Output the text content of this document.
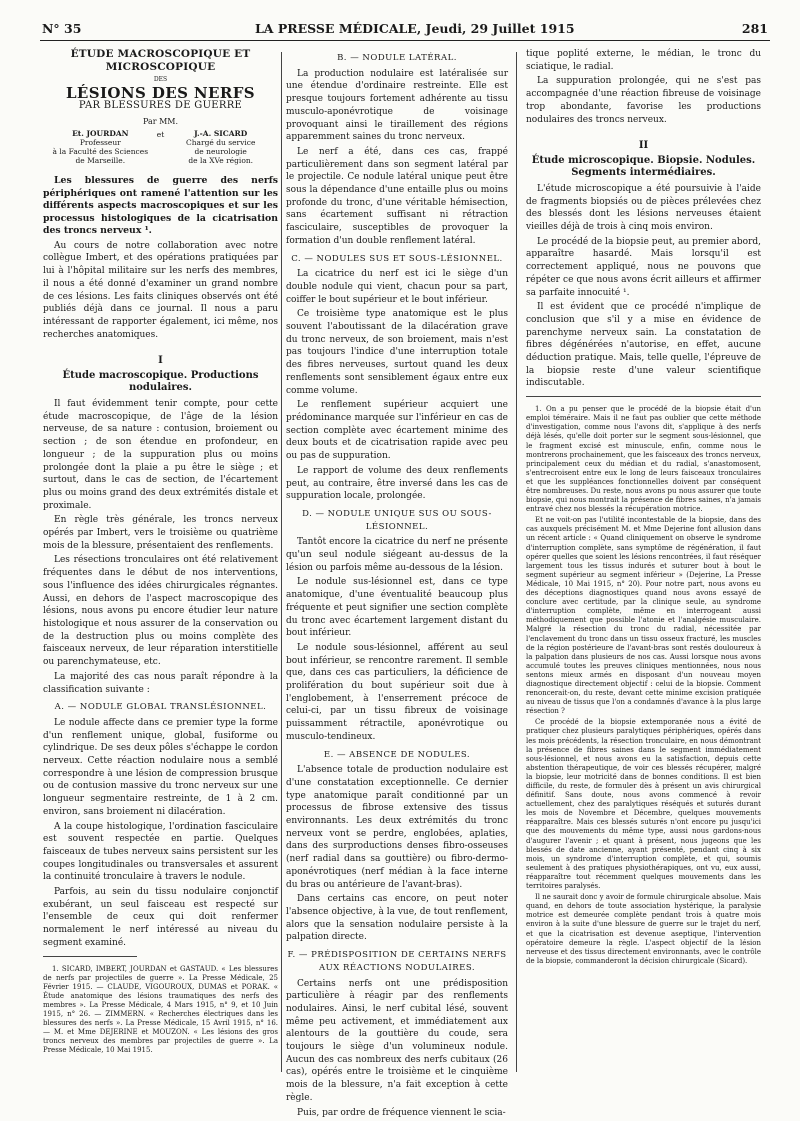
N° 35	LA PRESSE MÉDICALE, Jeudi, 29 Juillet 1915	281
ÉTUDE MACROSCOPIQUE ET MICROSCOPIQUE
DES
LÉSIONS DES NERFS
PAR BLESSURES DE GUERRE
Par MM.
Et. JOURDAN
Professeur
à la Faculté des Sciences
de Marseille.
et	J.-A. SICARD
Chargé du service
de neurologie
de la XVe région.

Les blessures de guerre des nerfs périphériques ont ramené l'attention sur les différents aspects macroscopiques et sur les processus histologiques de la cicatrisation des troncs nerveux ¹.

Au cours de notre collaboration avec notre collègue Imbert, et des opérations pratiquées par lui à l'hôpital militaire sur les nerfs des membres, il nous a été donné d'examiner un grand nombre de ces lésions. Les faits cliniques observés ont été publiés déjà dans ce journal. Il nous a paru intéressant de rapporter également, ici même, nos recherches anatomiques.

I
Étude macroscopique. Productions nodulaires.

Il faut évidemment tenir compte, pour cette étude macroscopique, de l'âge de la lésion nerveuse, de sa nature : contusion, broiement ou section ; de son étendue en profondeur, en longueur ; de la suppuration plus ou moins prolongée dont la plaie a pu être le siège ; et surtout, dans le cas de section, de l'écartement plus ou moins grand des deux extrémités distale et proximale.

En règle très générale, les troncs nerveux opérés par Imbert, vers le troisième ou quatrième mois de la blessure, présentaient des renflements.

Les résections tronculaires ont été relativement fréquentes dans le début de nos interventions, sous l'influence des idées chirurgicales régnantes. Aussi, en dehors de l'aspect macroscopique des lésions, nous avons pu encore étudier leur nature histologique et nous assurer de la conservation ou de la destruction plus ou moins complète des faisceaux nerveux, de leur réparation interstitielle ou parenchymateuse, etc.

La majorité des cas nous paraît répondre à la classification suivante :

A. — NODULE GLOBAL TRANSLÉSIONNEL.

Le nodule affecte dans ce premier type la forme d'un renflement unique, global, fusiforme ou cylindrique. De ses deux pôles s'échappe le cordon nerveux. Cette réaction nodulaire nous a semblé correspondre à une lésion de compression brusque ou de contusion massive du tronc nerveux sur une longueur segmentaire restreinte, de 1 à 2 cm. environ, sans broiement ni dilacération.

A la coupe histologique, l'ordination fasciculaire est souvent respectée en partie. Quelques faisceaux de tubes nerveux sains persistent sur les coupes longitudinales ou transversales et assurent la continuité tronculaire à travers le nodule.

Parfois, au sein du tissu nodulaire conjonctif exubérant, un seul faisceau est respecté sur l'ensemble de ceux qui doit renfermer normalement le nerf intéressé au niveau du segment examiné.

1. SICARD, IMBERT, JOURDAN et GASTAUD. « Les blessures de nerfs par projectiles de guerre ». La Presse Médicale, 25 Février 1915. — CLAUDE, VIGOUROUX, DUMAS et PORAK. « Étude anatomique des lésions traumatiques des nerfs des membres ». La Presse Médicale, 4 Mars 1915, n° 9, et 10 Juin 1915, n° 26. — ZIMMERN. « Recherches électriques dans les blessures des nerfs ». La Presse Médicale, 15 Avril 1915, n° 16. — M. et Mme DEJERINE et MOUZON. « Les lésions des gros troncs nerveux des membres par projectiles de guerre ». La Presse Médicale, 10 Mai 1915.

B. — NODULE LATÉRAL.

La production nodulaire est latéralisée sur une étendue d'ordinaire restreinte. Elle est presque toujours fortement adhérente au tissu musculo-aponévrotique de voisinage provoquant ainsi le tiraillement des régions apparemment saines du tronc nerveux.

Le nerf a été, dans ces cas, frappé particulièrement dans son segment latéral par le projectile. Ce nodule latéral unique peut être sous la dépendance d'une entaille plus ou moins profonde du tronc, d'une véritable hémisection, sans écartement suffisant ni rétraction fasciculaire, susceptibles de provoquer la formation d'un double renflement latéral.

C. — NODULES SUS ET SOUS-LÉSIONNEL.

La cicatrice du nerf est ici le siège d'un double nodule qui vient, chacun pour sa part, coiffer le bout supérieur et le bout inférieur.

Ce troisième type anatomique est le plus souvent l'aboutissant de la dilacération grave du tronc nerveux, de son broiement, mais n'est pas toujours l'indice d'une interruption totale des fibres nerveuses, surtout quand les deux renflements sont sensiblement égaux entre eux comme volume.

Le renflement supérieur acquiert une prédominance marquée sur l'inférieur en cas de section complète avec écartement minime des deux bouts et de cicatrisation rapide avec peu ou pas de suppuration.

Le rapport de volume des deux renflements peut, au contraire, être inversé dans les cas de suppuration locale, prolongée.

D. — NODULE UNIQUE SUS OU SOUS-LÉSIONNEL.

Tantôt encore la cicatrice du nerf ne présente qu'un seul nodule siégeant au-dessus de la lésion ou parfois même au-dessous de la lésion.

Le nodule sus-lésionnel est, dans ce type anatomique, d'une éventualité beaucoup plus fréquente et peut signifier une section complète du tronc avec écartement largement distant du bout inférieur.

Le nodule sous-lésionnel, afférent au seul bout inférieur, se rencontre rarement. Il semble que, dans ces cas particuliers, la déficience de prolifération du bout supérieur soit due à l'englobement, à l'enserrement précoce de celui-ci, par un tissu fibreux de voisinage puissamment rétractile, aponévrotique ou musculo-tendineux.

E. — ABSENCE DE NODULES.

L'absence totale de production nodulaire est d'une constatation exceptionnelle. Ce dernier type anatomique paraît conditionné par un processus de fibrose extensive des tissus environnants. Les deux extrémités du tronc nerveux vont se perdre, englobées, aplaties, dans des surproductions denses fibro-osseuses (nerf radial dans sa gouttière) ou fibro-dermo-aponévrotiques (nerf médian à la face interne du bras ou antérieure de l'avant-bras).

Dans certains cas encore, on peut noter l'absence objective, à la vue, de tout renflement, alors que la sensation nodulaire persiste à la palpation directe.

F. — PRÉDISPOSITION DE CERTAINS NERFS
AUX RÉACTIONS NODULAIRES.

Certains nerfs ont une prédisposition particulière à réagir par des renflements nodulaires. Ainsi, le nerf cubital lésé, souvent même peu activement, et immédiatement aux alentours de la gouttière du coude, sera toujours le siège d'un volumineux nodule. Aucun des cas nombreux des nerfs cubitaux (26 cas), opérés entre le troisième et le cinquième mois de la blessure, n'a fait exception à cette règle.

Puis, par ordre de fréquence viennent le scia-

tique poplité externe, le médian, le tronc du sciatique, le radial.

La suppuration prolongée, qui ne s'est pas accompagnée d'une réaction fibreuse de voisinage trop abondante, favorise les productions nodulaires des troncs nerveux.

II
Étude microscopique. Biopsie. Nodules. Segments intermédiaires.

L'étude microscopique a été poursuivie à l'aide de fragments biopsiés ou de pièces prélevées chez des blessés dont les lésions nerveuses étaient vieilles déjà de trois à cinq mois environ.

Le procédé de la biopsie peut, au premier abord, apparaître hasardé. Mais lorsqu'il est correctement appliqué, nous ne pouvons que répéter ce que nous avons écrit ailleurs et affirmer sa parfaite innocuité ¹.

Il est évident que ce procédé n'implique de conclusion que s'il y a mise en évidence de parenchyme nerveux sain. La constatation de fibres dégénérées n'autorise, en effet, aucune déduction pratique. Mais, telle quelle, l'épreuve de la biopsie reste d'une valeur scientifique indiscutable.

1. On a pu penser que le procédé de la biopsie était d'un emploi téméraire. Mais il ne faut pas oublier que cette méthode d'investigation, comme nous l'avons dit, s'applique à des nerfs déjà lésés, qu'elle doit porter sur le segment sous-lésionnel, que le fragment excisé est minuscule, enfin, comme nous le montrerons prochainement, que les faisceaux des troncs nerveux, principalement ceux du médian et du radial, s'anastomosent, s'entrecroisent entre eux le long de leurs faisceaux tronculaires et que les suppléances fonctionnelles doivent par conséquent être nombreuses. Du reste, nous avons pu nous assurer que toute biopsie, qui nous montrait la présence de fibres saines, n'a jamais entravé chez nos blessés la récupération motrice.

Et ne voit-on pas l'utilité incontestable de la biopsie, dans des cas auxquels précisément M. et Mme Dejerine font allusion dans un récent article : « Quand cliniquement on observe le syndrome d'interruption complète, sans symptôme de régénération, il faut opérer quelles que soient les lésions rencontrées, il faut réséquer largement tous les tissus indurés et suturer bout à bout le segment supérieur au segment inférieur » (Dejerine, La Presse Médicale, 10 Mai 1915, n° 20). Pour notre part, nous avons eu des déceptions diagnostiques quand nous avons essayé de conclure avec certitude, par la clinique seule, au syndrome d'interruption complète, même en interrogeant aussi méthodiquement que possible l'atonie et l'analgésie musculaire. Malgré la résection du tronc du radial, nécessitée par l'enclavement du tronc dans un tissu osseux fracturé, les muscles de la région postérieure de l'avant-bras sont restés douloureux à la palpation dans plusieurs de nos cas. Aussi lorsque nous avons accumulé toutes les preuves cliniques mentionnées, nous nous sentons mieux armés en disposant d'un nouveau moyen diagnostique directement objectif : celui de la biopsie. Comment renoncerait-on, du reste, devant cette minime excision pratiquée au niveau de tissus que l'on a condamnés d'avance à la plus large résection ?

Ce procédé de la biopsie extemporanée nous a évité de pratiquer chez plusieurs paralytiques périphériques, opérés dans les mois précédents, la résection tronculaire, en nous démontrant la présence de fibres saines dans le segment immédiatement sous-lésionnel, et nous avons eu la satisfaction, depuis cette abstention thérapeutique, de voir ces blessés récupérer, malgré la biopsie, leur motricité dans de bonnes conditions. Il est bien difficile, du reste, de formuler dès à présent un avis chirurgical définitif. Sans doute, nous avons commencé à revoir actuellement, chez des paralytiques réséqués et suturés durant les mois de Novembre et Décembre, quelques mouvements réapparaître. Mais ces blessés suturés n'ont encore pu jusqu'ici que des mouvements du même type, aussi nous gardons-nous d'augurer l'avenir ; et quant à présent, nous jugeons que les blessés de date ancienne, ayant présenté, pendant cinq à six mois, un syndrome d'interruption complète, et qui, soumis seulement à des pratiques physiothérapiques, ont vu, eux aussi, réapparaître tout récemment quelques mouvements dans les territoires paralysés.

Il ne saurait donc y avoir de formule chirurgicale absolue. Mais quand, en dehors de toute association hystérique, la paralysie motrice est demeurée complète pendant trois à quatre mois environ à la suite d'une blessure de guerre sur le trajet du nerf, et que la cicatrisation est devenue aseptique, l'intervention opératoire demeure la règle. L'aspect objectif de la lésion nerveuse et des tissus directement environnants, avec le contrôle de la biopsie, commanderont la décision chirurgicale (Sicard).
